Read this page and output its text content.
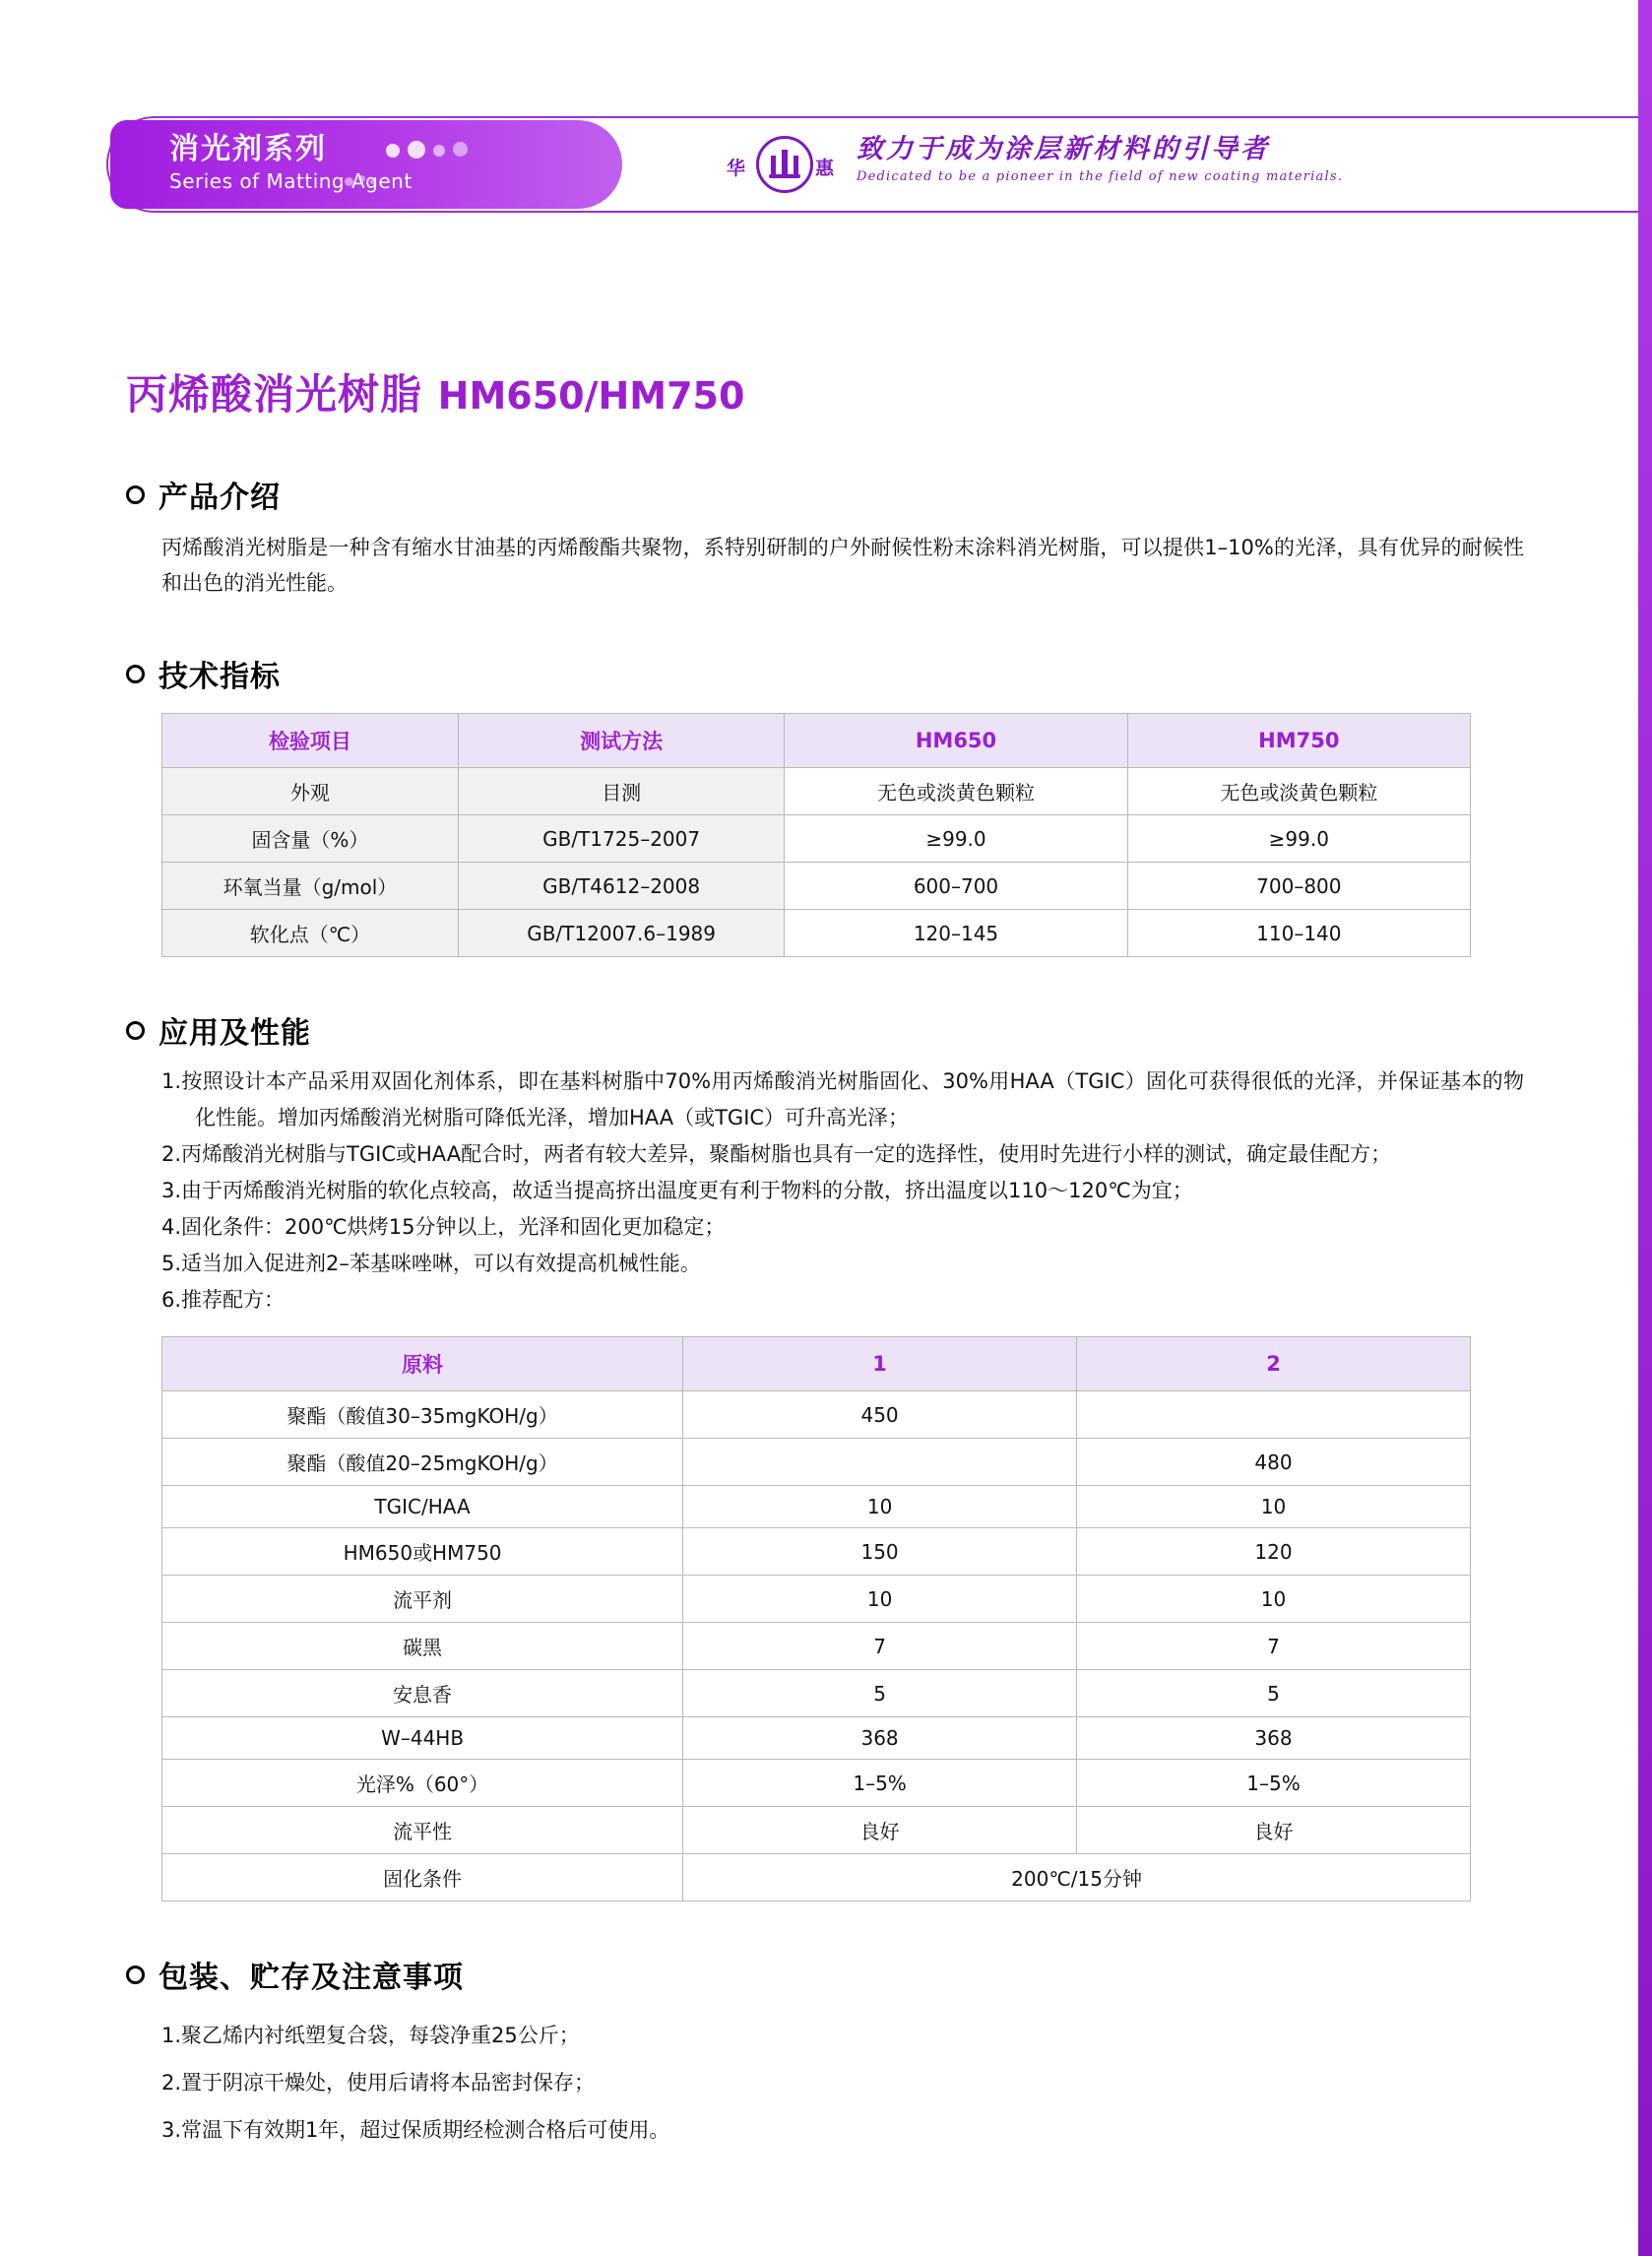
消光剂系列
Series of Matting Agent
华	惠
致力于成为涂层新材料的引导者
Dedicated to be a pioneer in the field of new coating materials.
丙烯酸消光树脂 HM650/HM750
产品介绍
丙烯酸消光树脂是一种含有缩水甘油基的丙烯酸酯共聚物，系特别研制的户外耐候性粉末涂料消光树脂，可以提供1–10%的光泽，具有优异的耐候性和出色的消光性能。
技术指标
检验项目	测试方法	HM650	HM750
外观	目测	无色或淡黄色颗粒	无色或淡黄色颗粒
固含量（%）	GB/T1725–2007	≥99.0	≥99.0
环氧当量（g/mol）	GB/T4612–2008	600–700	700–800
软化点（℃）	GB/T12007.6–1989	120–145	110–140
应用及性能
1.按照设计本产品采用双固化剂体系，即在基料树脂中70%用丙烯酸消光树脂固化、30%用HAA（TGIC）固化可获得很低的光泽，并保证基本的物化性能。增加丙烯酸消光树脂可降低光泽，增加HAA（或TGIC）可升高光泽；
2.丙烯酸消光树脂与TGIC或HAA配合时，两者有较大差异，聚酯树脂也具有一定的选择性，使用时先进行小样的测试，确定最佳配方；
3.由于丙烯酸消光树脂的软化点较高，故适当提高挤出温度更有利于物料的分散，挤出温度以110～120℃为宜；
4.固化条件：200℃烘烤15分钟以上，光泽和固化更加稳定；
5.适当加入促进剂2–苯基咪唑啉，可以有效提高机械性能。
6.推荐配方：
原料	1	2
聚酯（酸值30–35mgKOH/g）	450	
聚酯（酸值20–25mgKOH/g）		480
TGIC/HAA	10	10
HM650或HM750	150	120
流平剂	10	10
碳黑	7	7
安息香	5	5
W–44HB	368	368
光泽%（60°）	1–5%	1–5%
流平性	良好	良好
固化条件	200℃/15分钟	
包装、贮存及注意事项
1.聚乙烯内衬纸塑复合袋，每袋净重25公斤；
2.置于阴凉干燥处，使用后请将本品密封保存；
3.常温下有效期1年，超过保质期经检测合格后可使用。
